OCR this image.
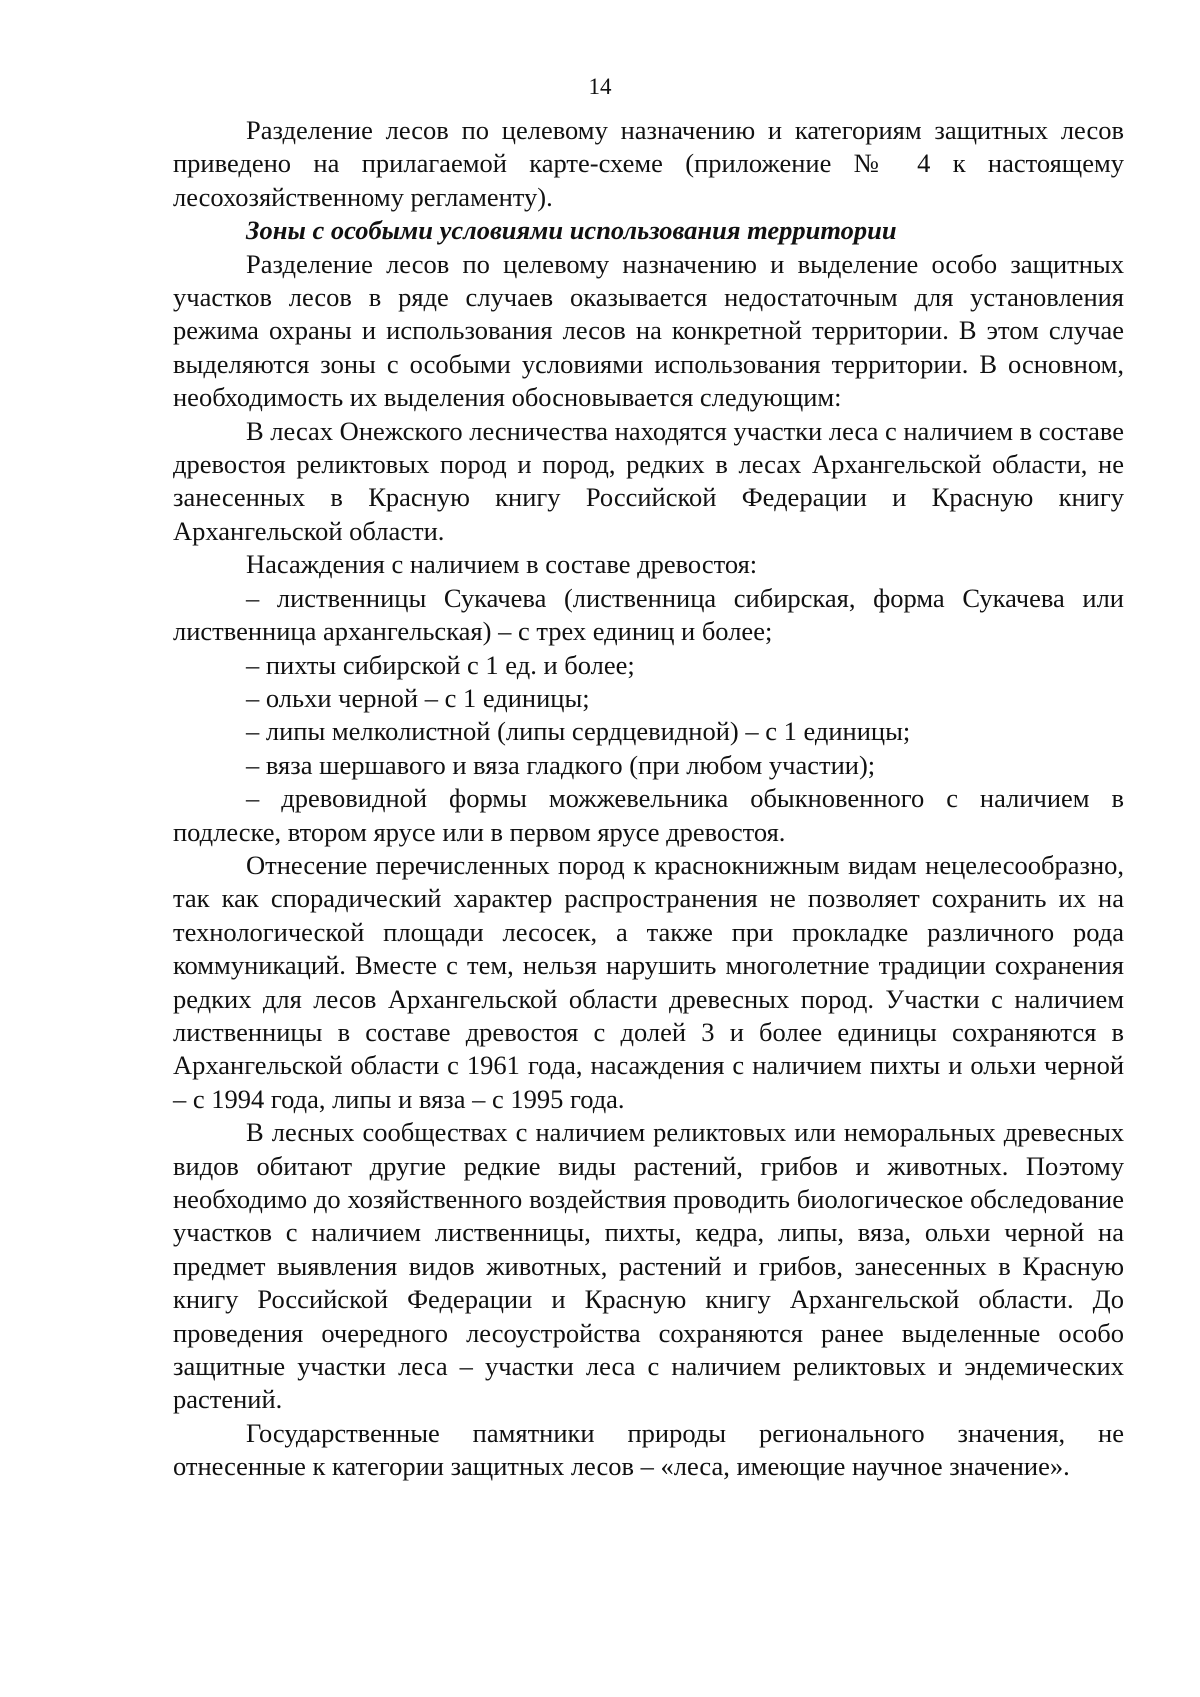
14

Разделение лесов по целевому назначению и категориям защитных лесов приведено на прилагаемой карте-схеме (приложение № 4 к настоящему лесохозяйственному регламенту).

Зоны с особыми условиями использования территории

Разделение лесов по целевому назначению и выделение особо защитных участков лесов в ряде случаев оказывается недостаточным для установления режима охраны и использования лесов на конкретной территории. В этом случае выделяются зоны с особыми условиями использования территории. В основном, необходимость их выделения обосновывается следующим:

В лесах Онежского лесничества находятся участки леса с наличием в составе древостоя реликтовых пород и пород, редких в лесах Архангельской области, не занесенных в Красную книгу Российской Федерации и Красную книгу Архангельской области.

Насаждения с наличием в составе древостоя:

– лиственницы Сукачева (лиственница сибирская, форма Сукачева или лиственница архангельская) – с трех единиц и более;

– пихты сибирской с 1 ед. и более;

– ольхи черной – с 1 единицы;

– липы мелколистной (липы сердцевидной) – с 1 единицы;

– вяза шершавого и вяза гладкого (при любом участии);

– древовидной формы можжевельника обыкновенного с наличием в подлеске, втором ярусе или в первом ярусе древостоя.

Отнесение перечисленных пород к краснокнижным видам нецелесообразно, так как спорадический характер распространения не позволяет сохранить их на технологической площади лесосек, а также при прокладке различного рода коммуникаций. Вместе с тем, нельзя нарушить многолетние традиции сохранения редких для лесов Архангельской области древесных пород. Участки с наличием лиственницы в составе древостоя с долей 3 и более единицы сохраняются в Архангельской области с 1961 года, насаждения с наличием пихты и ольхи черной – с 1994 года, липы и вяза – с 1995 года.

В лесных сообществах с наличием реликтовых или неморальных древесных видов обитают другие редкие виды растений, грибов и животных. Поэтому необходимо до хозяйственного воздействия проводить биологическое обследование участков с наличием лиственницы, пихты, кедра, липы, вяза, ольхи черной на предмет выявления видов животных, растений и грибов, занесенных в Красную книгу Российской Федерации и Красную книгу Архангельской области. До проведения очередного лесоустройства сохраняются ранее выделенные особо защитные участки леса – участки леса с наличием реликтовых и эндемических растений.

Государственные памятники природы регионального значения, не отнесенные к категории защитных лесов – «леса, имеющие научное значение».
